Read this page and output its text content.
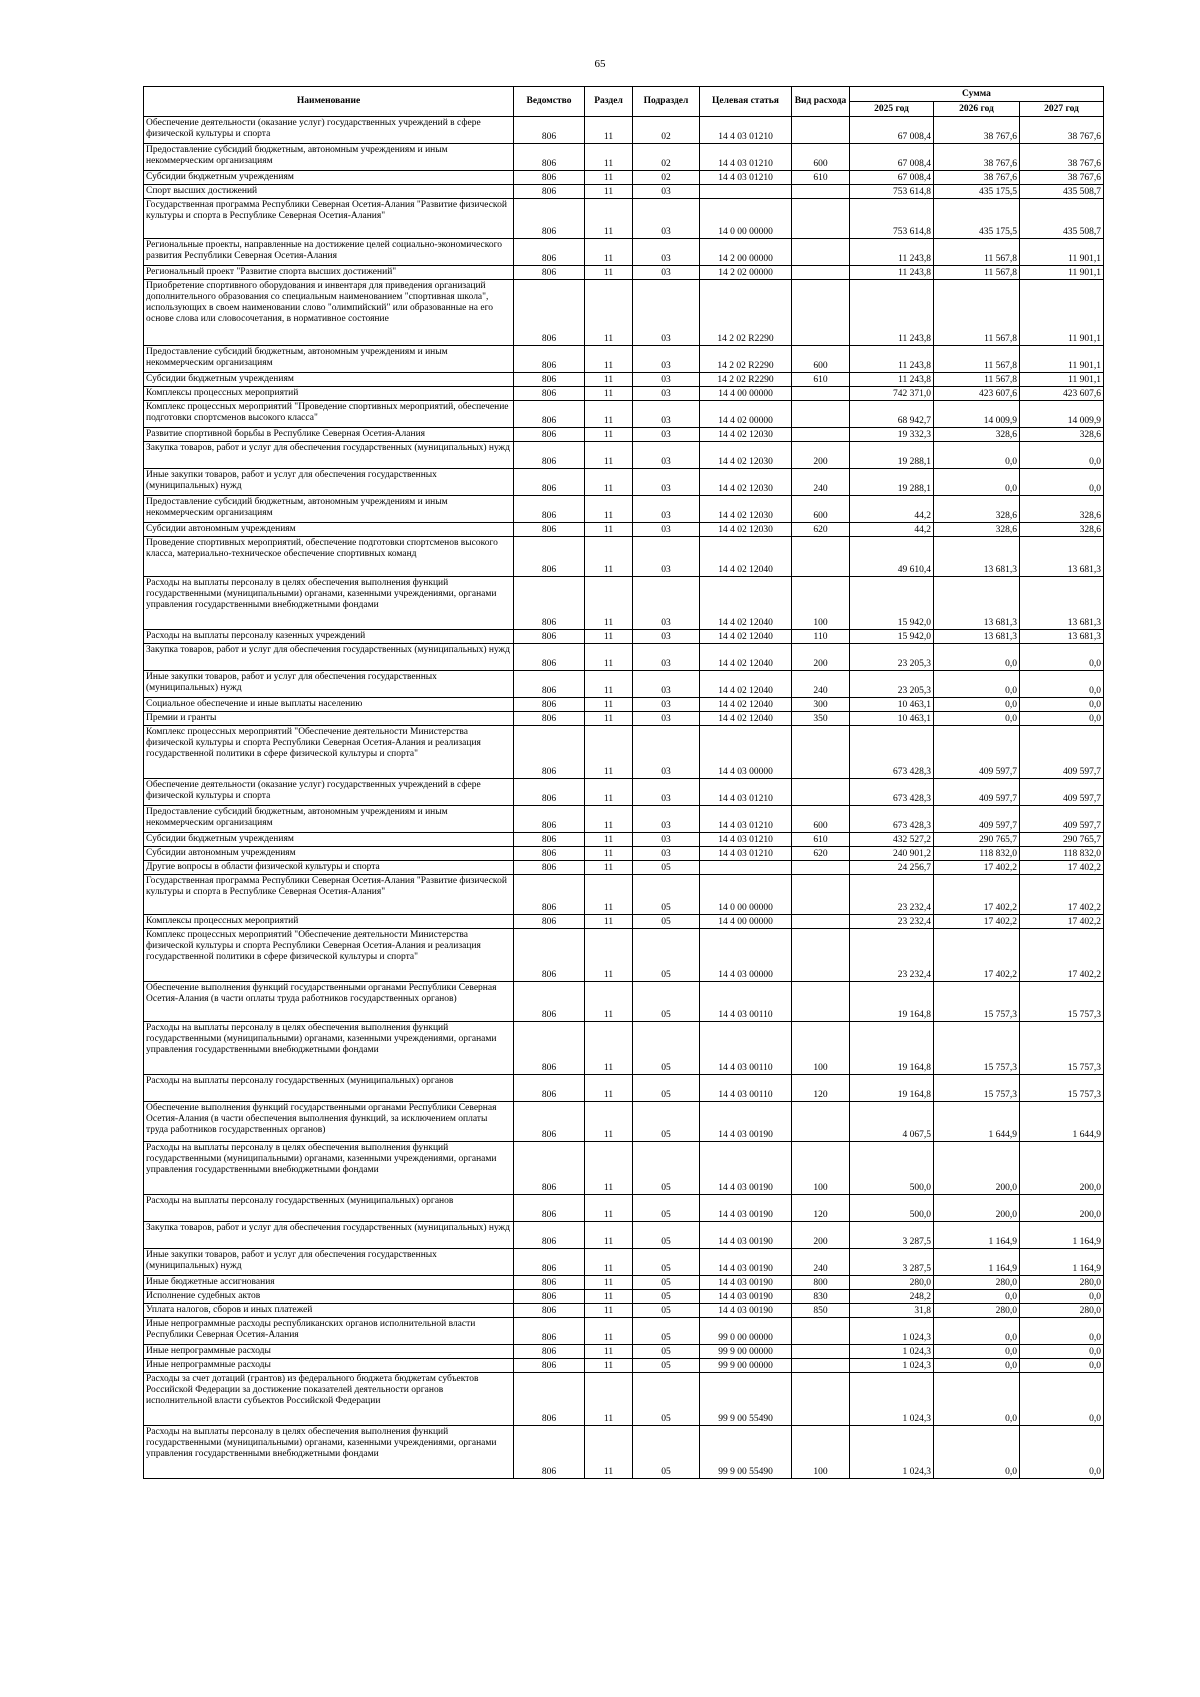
65
Наименование	Ведомство	Раздел	Подраздел	Целевая статья	Вид расхода	Сумма		
						2025 год	2026 год	2027 год
Обеспечение деятельности (оказание услуг) государственных учреждений в сфере физической культуры и спорта	806	11	02	14 4 03 01210		67 008,4	38 767,6	38 767,6
Предоставление субсидий бюджетным, автономным учреждениям и иным некоммерческим организациям	806	11	02	14 4 03 01210	600	67 008,4	38 767,6	38 767,6
Субсидии бюджетным учреждениям	806	11	02	14 4 03 01210	610	67 008,4	38 767,6	38 767,6
Спорт высших достижений	806	11	03			753 614,8	435 175,5	435 508,7
Государственная программа Республики Северная Осетия-Алания "Развитие физической культуры и спорта в Республике Северная Осетия-Алания"	806	11	03	14 0 00 00000		753 614,8	435 175,5	435 508,7
Региональные проекты, направленные на достижение целей социально-экономического развития Республики Северная Осетия-Алания	806	11	03	14 2 00 00000		11 243,8	11 567,8	11 901,1
Региональный проект "Развитие спорта высших достижений"	806	11	03	14 2 02 00000		11 243,8	11 567,8	11 901,1
Приобретение спортивного оборудования и инвентаря для приведения организаций дополнительного образования со специальным наименованием "спортивная школа", использующих в своем наименовании слово "олимпийский" или образованные на его основе слова или словосочетания, в нормативное состояние	806	11	03	14 2 02 R2290		11 243,8	11 567,8	11 901,1
Предоставление субсидий бюджетным, автономным учреждениям и иным некоммерческим организациям	806	11	03	14 2 02 R2290	600	11 243,8	11 567,8	11 901,1
Субсидии бюджетным учреждениям	806	11	03	14 2 02 R2290	610	11 243,8	11 567,8	11 901,1
Комплексы процессных мероприятий	806	11	03	14 4 00 00000		742 371,0	423 607,6	423 607,6
Комплекс процессных мероприятий "Проведение спортивных мероприятий, обеспечение подготовки спортсменов высокого класса"	806	11	03	14 4 02 00000		68 942,7	14 009,9	14 009,9
Развитие спортивной борьбы в Республике Северная Осетия-Алания	806	11	03	14 4 02 12030		19 332,3	328,6	328,6
Закупка товаров, работ и услуг для обеспечения государственных (муниципальных) нужд	806	11	03	14 4 02 12030	200	19 288,1	0,0	0,0
Иные закупки товаров, работ и услуг для обеспечения государственных (муниципальных) нужд	806	11	03	14 4 02 12030	240	19 288,1	0,0	0,0
Предоставление субсидий бюджетным, автономным учреждениям и иным некоммерческим организациям	806	11	03	14 4 02 12030	600	44,2	328,6	328,6
Субсидии автономным учреждениям	806	11	03	14 4 02 12030	620	44,2	328,6	328,6
Проведение спортивных мероприятий, обеспечение подготовки спортсменов высокого класса, материально-техническое обеспечение спортивных команд	806	11	03	14 4 02 12040		49 610,4	13 681,3	13 681,3
Расходы на выплаты персоналу в целях обеспечения выполнения функций государственными (муниципальными) органами, казенными учреждениями, органами управления государственными внебюджетными фондами	806	11	03	14 4 02 12040	100	15 942,0	13 681,3	13 681,3
Расходы на выплаты персоналу казенных учреждений	806	11	03	14 4 02 12040	110	15 942,0	13 681,3	13 681,3
Закупка товаров, работ и услуг для обеспечения государственных (муниципальных) нужд	806	11	03	14 4 02 12040	200	23 205,3	0,0	0,0
Иные закупки товаров, работ и услуг для обеспечения государственных (муниципальных) нужд	806	11	03	14 4 02 12040	240	23 205,3	0,0	0,0
Социальное обеспечение и иные выплаты населению	806	11	03	14 4 02 12040	300	10 463,1	0,0	0,0
Премии и гранты	806	11	03	14 4 02 12040	350	10 463,1	0,0	0,0
Комплекс процессных мероприятий "Обеспечение деятельности Министерства физической культуры и спорта Республики Северная Осетия-Алания и реализация государственной политики в сфере физической культуры и спорта"	806	11	03	14 4 03 00000		673 428,3	409 597,7	409 597,7
Обеспечение деятельности (оказание услуг) государственных учреждений в сфере физической культуры и спорта	806	11	03	14 4 03 01210		673 428,3	409 597,7	409 597,7
Предоставление субсидий бюджетным, автономным учреждениям и иным некоммерческим организациям	806	11	03	14 4 03 01210	600	673 428,3	409 597,7	409 597,7
Субсидии бюджетным учреждениям	806	11	03	14 4 03 01210	610	432 527,2	290 765,7	290 765,7
Субсидии автономным учреждениям	806	11	03	14 4 03 01210	620	240 901,2	118 832,0	118 832,0
Другие вопросы в области физической культуры и спорта	806	11	05			24 256,7	17 402,2	17 402,2
Государственная программа Республики Северная Осетия-Алания "Развитие физической культуры и спорта в Республике Северная Осетия-Алания"	806	11	05	14 0 00 00000		23 232,4	17 402,2	17 402,2
Комплексы процессных мероприятий	806	11	05	14 4 00 00000		23 232,4	17 402,2	17 402,2
Комплекс процессных мероприятий "Обеспечение деятельности Министерства физической культуры и спорта Республики Северная Осетия-Алания и реализация государственной политики в сфере физической культуры и спорта"	806	11	05	14 4 03 00000		23 232,4	17 402,2	17 402,2
Обеспечение выполнения функций государственными органами Республики Северная Осетия-Алания (в части оплаты труда работников государственных органов)	806	11	05	14 4 03 00110		19 164,8	15 757,3	15 757,3
Расходы на выплаты персоналу в целях обеспечения выполнения функций государственными (муниципальными) органами, казенными учреждениями, органами управления государственными внебюджетными фондами	806	11	05	14 4 03 00110	100	19 164,8	15 757,3	15 757,3
Расходы на выплаты персоналу государственных (муниципальных) органов	806	11	05	14 4 03 00110	120	19 164,8	15 757,3	15 757,3
Обеспечение выполнения функций государственными органами Республики Северная Осетия-Алания (в части обеспечения выполнения функций, за исключением оплаты труда работников государственных органов)	806	11	05	14 4 03 00190		4 067,5	1 644,9	1 644,9
Расходы на выплаты персоналу в целях обеспечения выполнения функций государственными (муниципальными) органами, казенными учреждениями, органами управления государственными внебюджетными фондами	806	11	05	14 4 03 00190	100	500,0	200,0	200,0
Расходы на выплаты персоналу государственных (муниципальных) органов	806	11	05	14 4 03 00190	120	500,0	200,0	200,0
Закупка товаров, работ и услуг для обеспечения государственных (муниципальных) нужд	806	11	05	14 4 03 00190	200	3 287,5	1 164,9	1 164,9
Иные закупки товаров, работ и услуг для обеспечения государственных (муниципальных) нужд	806	11	05	14 4 03 00190	240	3 287,5	1 164,9	1 164,9
Иные бюджетные ассигнования	806	11	05	14 4 03 00190	800	280,0	280,0	280,0
Исполнение судебных актов	806	11	05	14 4 03 00190	830	248,2	0,0	0,0
Уплата налогов, сборов и иных платежей	806	11	05	14 4 03 00190	850	31,8	280,0	280,0
Иные непрограммные расходы республиканских органов исполнительной власти Республики Северная Осетия-Алания	806	11	05	99 0 00 00000		1 024,3	0,0	0,0
Иные непрограммные расходы	806	11	05	99 9 00 00000		1 024,3	0,0	0,0
Иные непрограммные расходы	806	11	05	99 9 00 00000		1 024,3	0,0	0,0
Расходы за счет дотаций (грантов) из федерального бюджета бюджетам субъектов Российской Федерации за достижение показателей деятельности органов исполнительной власти субъектов Российской Федерации	806	11	05	99 9 00 55490		1 024,3	0,0	0,0
Расходы на выплаты персоналу в целях обеспечения выполнения функций государственными (муниципальными) органами, казенными учреждениями, органами управления государственными внебюджетными фондами	806	11	05	99 9 00 55490	100	1 024,3	0,0	0,0
